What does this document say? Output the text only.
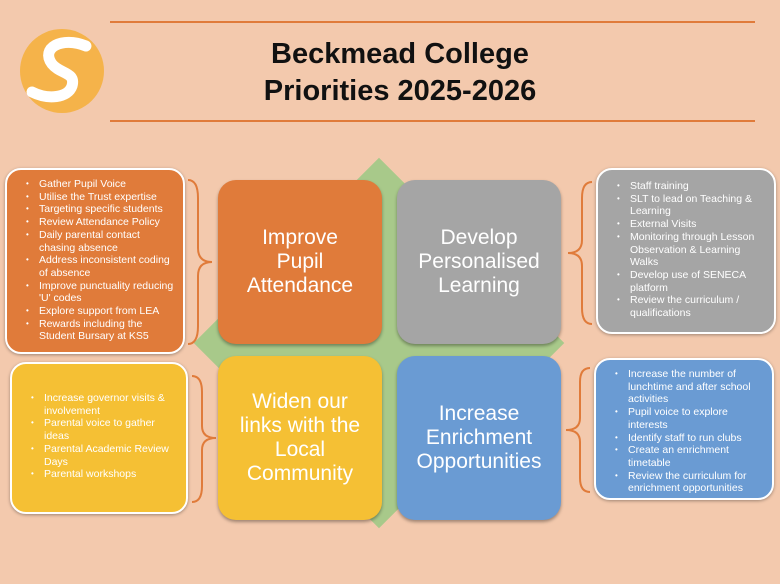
Beckmead College
Priorities 2025-2026
• Gather Pupil Voice
• Utilise the Trust expertise
• Targeting specific students
• Review Attendance Policy
• Daily parental contact chasing absence
• Address inconsistent coding of absence
• Improve punctuality reducing 'U' codes
• Explore support from LEA
• Rewards including the Student Bursary at KS5
• Staff training
• SLT to lead on Teaching & Learning
• External Visits
• Monitoring through Lesson Observation & Learning Walks
• Develop use of SENECA platform
• Review the curriculum / qualifications
• Increase governor visits & involvement
• Parental voice to gather ideas
• Parental Academic Review Days
• Parental workshops
• Increase the number of lunchtime and after school activities
• Pupil voice to explore interests
• Identify staff to run clubs
• Create an enrichment timetable
• Review the curriculum for enrichment opportunities
Improve
Pupil
Attendance
Develop
Personalised
Learning
Widen our
links with the
Local
Community
Increase
Enrichment
Opportunities
